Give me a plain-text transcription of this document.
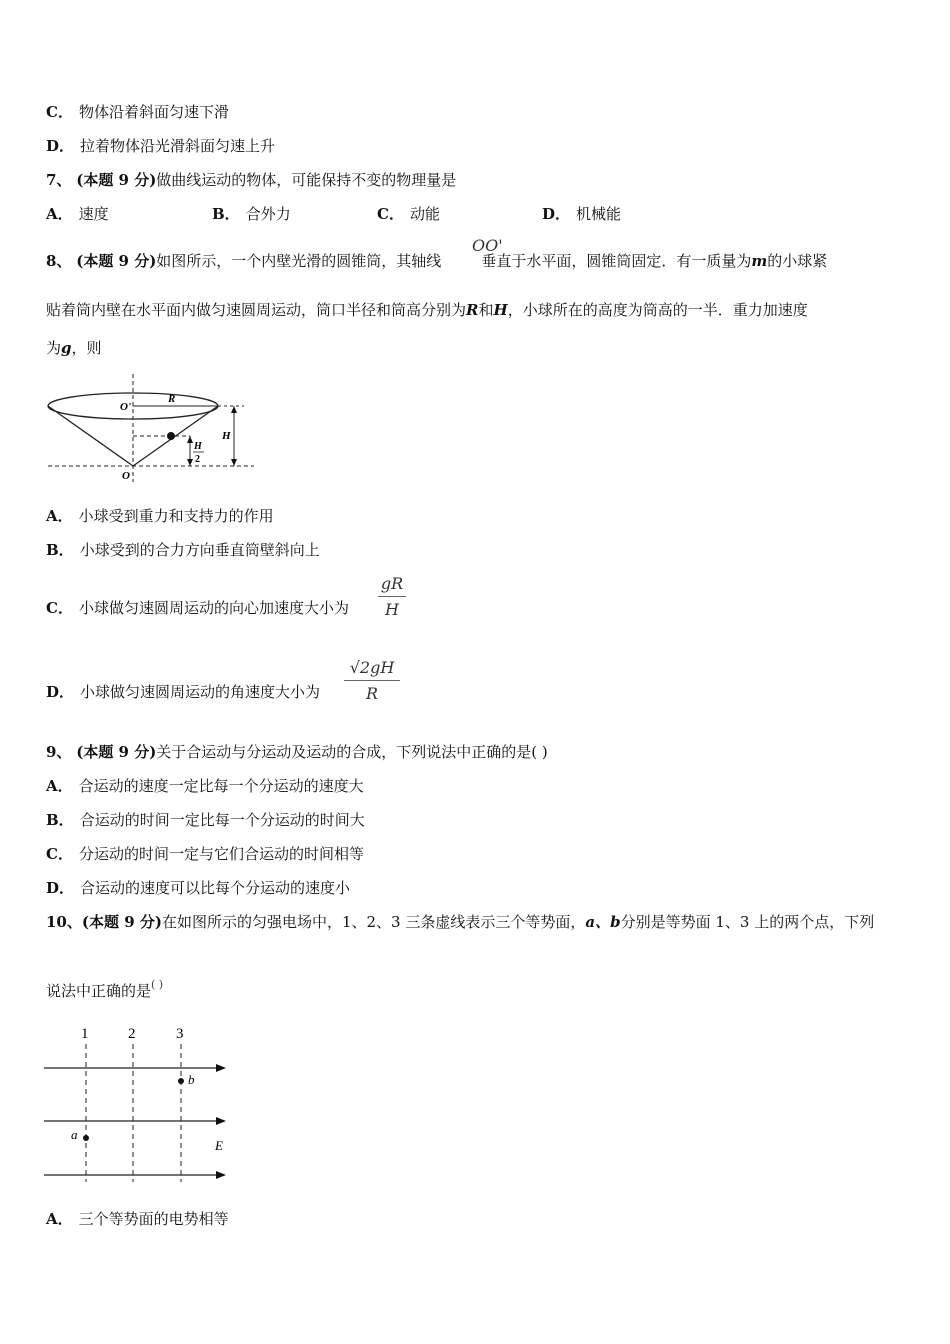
C． 物体沿着斜面匀速下滑
D． 拉着物体沿光滑斜面匀速上升
7、 (本题 9 分)做曲线运动的物体，可能保持不变的物理量是
A． 速度	B． 合外力	C． 动能	D． 机械能
8、 (本题 9 分)如图所示，一个内壁光滑的圆锥筒，其轴线	垂直于水平面，圆锥筒固定．有一质量为m的小球紧
OO'
贴着筒内壁在水平面内做匀速圆周运动，筒口半径和筒高分别为R和H，小球所在的高度为筒高的一半．重力加速度
为g，则
O'
R
H
H
2
O
A． 小球受到重力和支持力的作用
B． 小球受到的合力方向垂直筒壁斜向上
C． 小球做匀速圆周运动的向心加速度大小为
gR
H
D． 小球做匀速圆周运动的角速度大小为
√2gH
R
9、 (本题 9 分)关于合运动与分运动及运动的合成，下列说法中正确的是( )
A． 合运动的速度一定比每一个分运动的速度大
B． 合运动的时间一定比每一个分运动的时间大
C． 分运动的时间一定与它们合运动的时间相等
D． 合运动的速度可以比每个分运动的速度小
10、(本题 9 分)在如图所示的匀强电场中，1、2、3 三条虚线表示三个等势面，a、b分别是等势面 1、3 上的两个点，下列
说法中正确的是( )
1	2	3
a
b
E
A． 三个等势面的电势相等
